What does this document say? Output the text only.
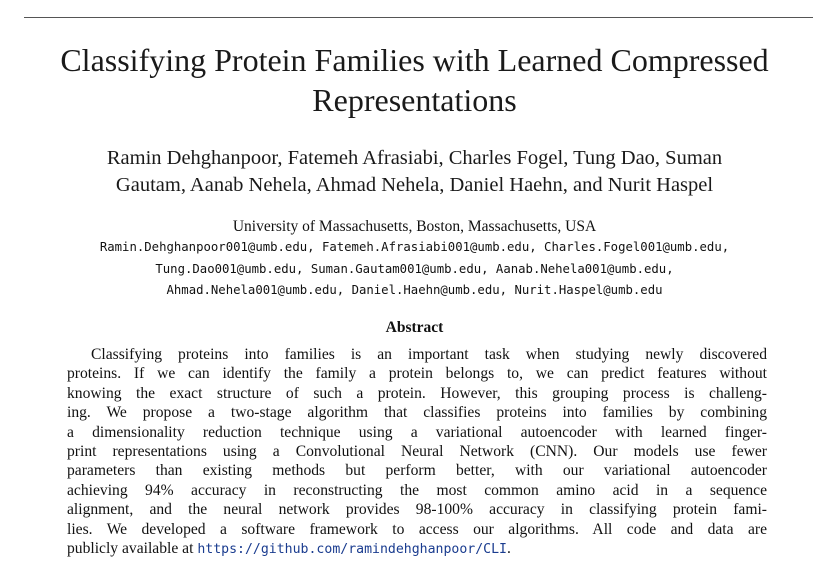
Classifying Protein Families with Learned Compressed
Representations
Ramin Dehghanpoor, Fatemeh Afrasiabi, Charles Fogel, Tung Dao, Suman
Gautam, Aanab Nehela, Ahmad Nehela, Daniel Haehn, and Nurit Haspel
University of Massachusetts, Boston, Massachusetts, USA
Ramin.Dehghanpoor001@umb.edu, Fatemeh.Afrasiabi001@umb.edu, Charles.Fogel001@umb.edu,
Tung.Dao001@umb.edu, Suman.Gautam001@umb.edu, Aanab.Nehela001@umb.edu,
Ahmad.Nehela001@umb.edu, Daniel.Haehn@umb.edu, Nurit.Haspel@umb.edu
Abstract
Classifying proteins into families is an important task when studying newly discovered
proteins. If we can identify the family a protein belongs to, we can predict features without
knowing the exact structure of such a protein. However, this grouping process is challeng-
ing. We propose a two-stage algorithm that classifies proteins into families by combining
a dimensionality reduction technique using a variational autoencoder with learned finger-
print representations using a Convolutional Neural Network (CNN). Our models use fewer
parameters than existing methods but perform better, with our variational autoencoder
achieving 94% accuracy in reconstructing the most common amino acid in a sequence
alignment, and the neural network provides 98-100% accuracy in classifying protein fami-
lies. We developed a software framework to access our algorithms. All code and data are
publicly available at https://github.com/ramindehghanpoor/CLI.
